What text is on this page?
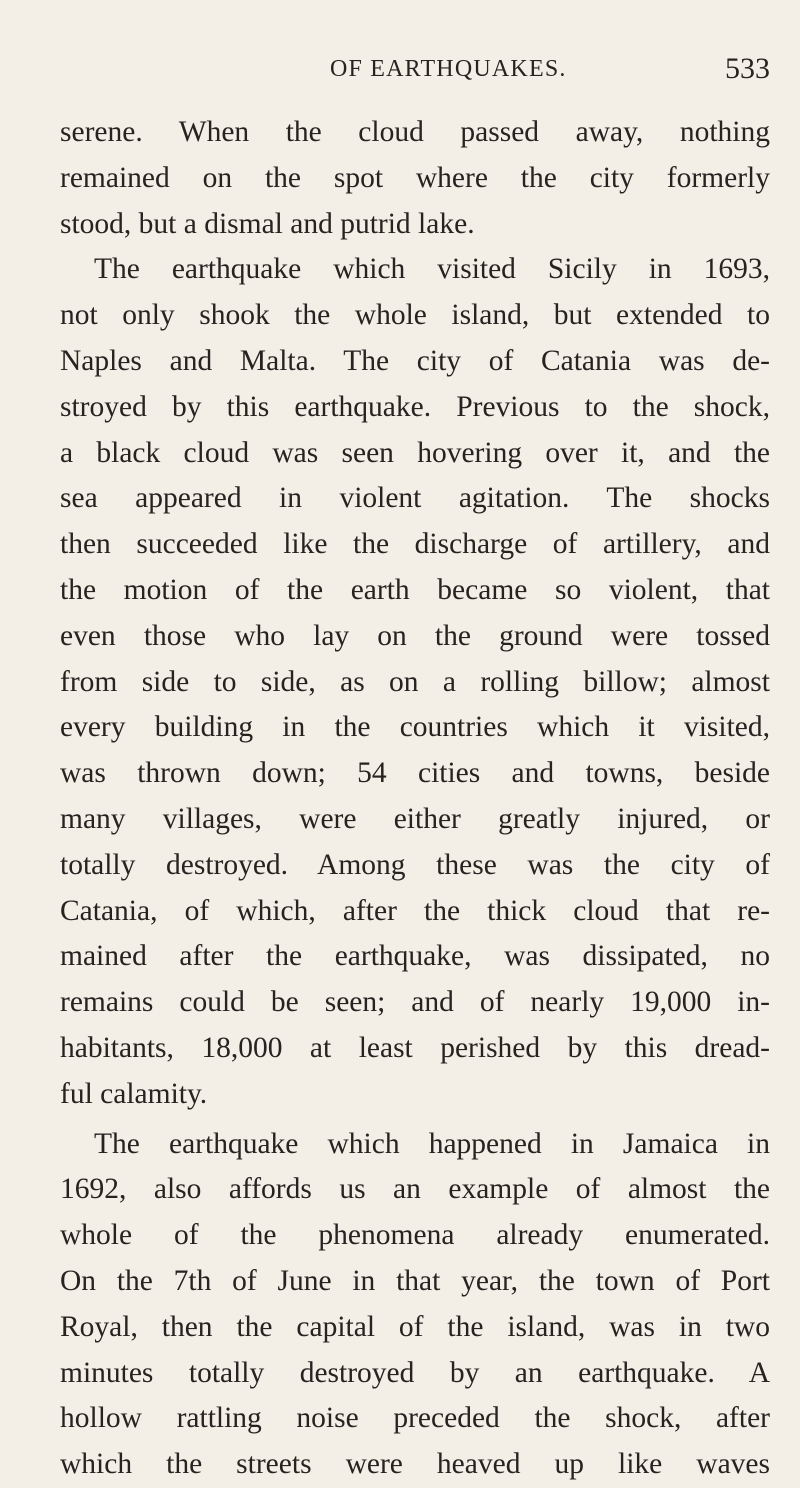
OF EARTHQUAKES.	533
serene. When the cloud passed away, nothing
remained on the spot where the city formerly
stood, but a dismal and putrid lake.
The earthquake which visited Sicily in 1693,
not only shook the whole island, but extended to
Naples and Malta. The city of Catania was de-
stroyed by this earthquake. Previous to the shock,
a black cloud was seen hovering over it, and the
sea appeared in violent agitation. The shocks
then succeeded like the discharge of artillery, and
the motion of the earth became so violent, that
even those who lay on the ground were tossed
from side to side, as on a rolling billow; almost
every building in the countries which it visited,
was thrown down; 54 cities and towns, beside
many villages, were either greatly injured, or
totally destroyed. Among these was the city of
Catania, of which, after the thick cloud that re-
mained after the earthquake, was dissipated, no
remains could be seen; and of nearly 19,000 in-
habitants, 18,000 at least perished by this dread-
ful calamity.
The earthquake which happened in Jamaica in
1692, also affords us an example of almost the
whole of the phenomena already enumerated.
On the 7th of June in that year, the town of Port
Royal, then the capital of the island, was in two
minutes totally destroyed by an earthquake. A
hollow rattling noise preceded the shock, after
which the streets were heaved up like waves
